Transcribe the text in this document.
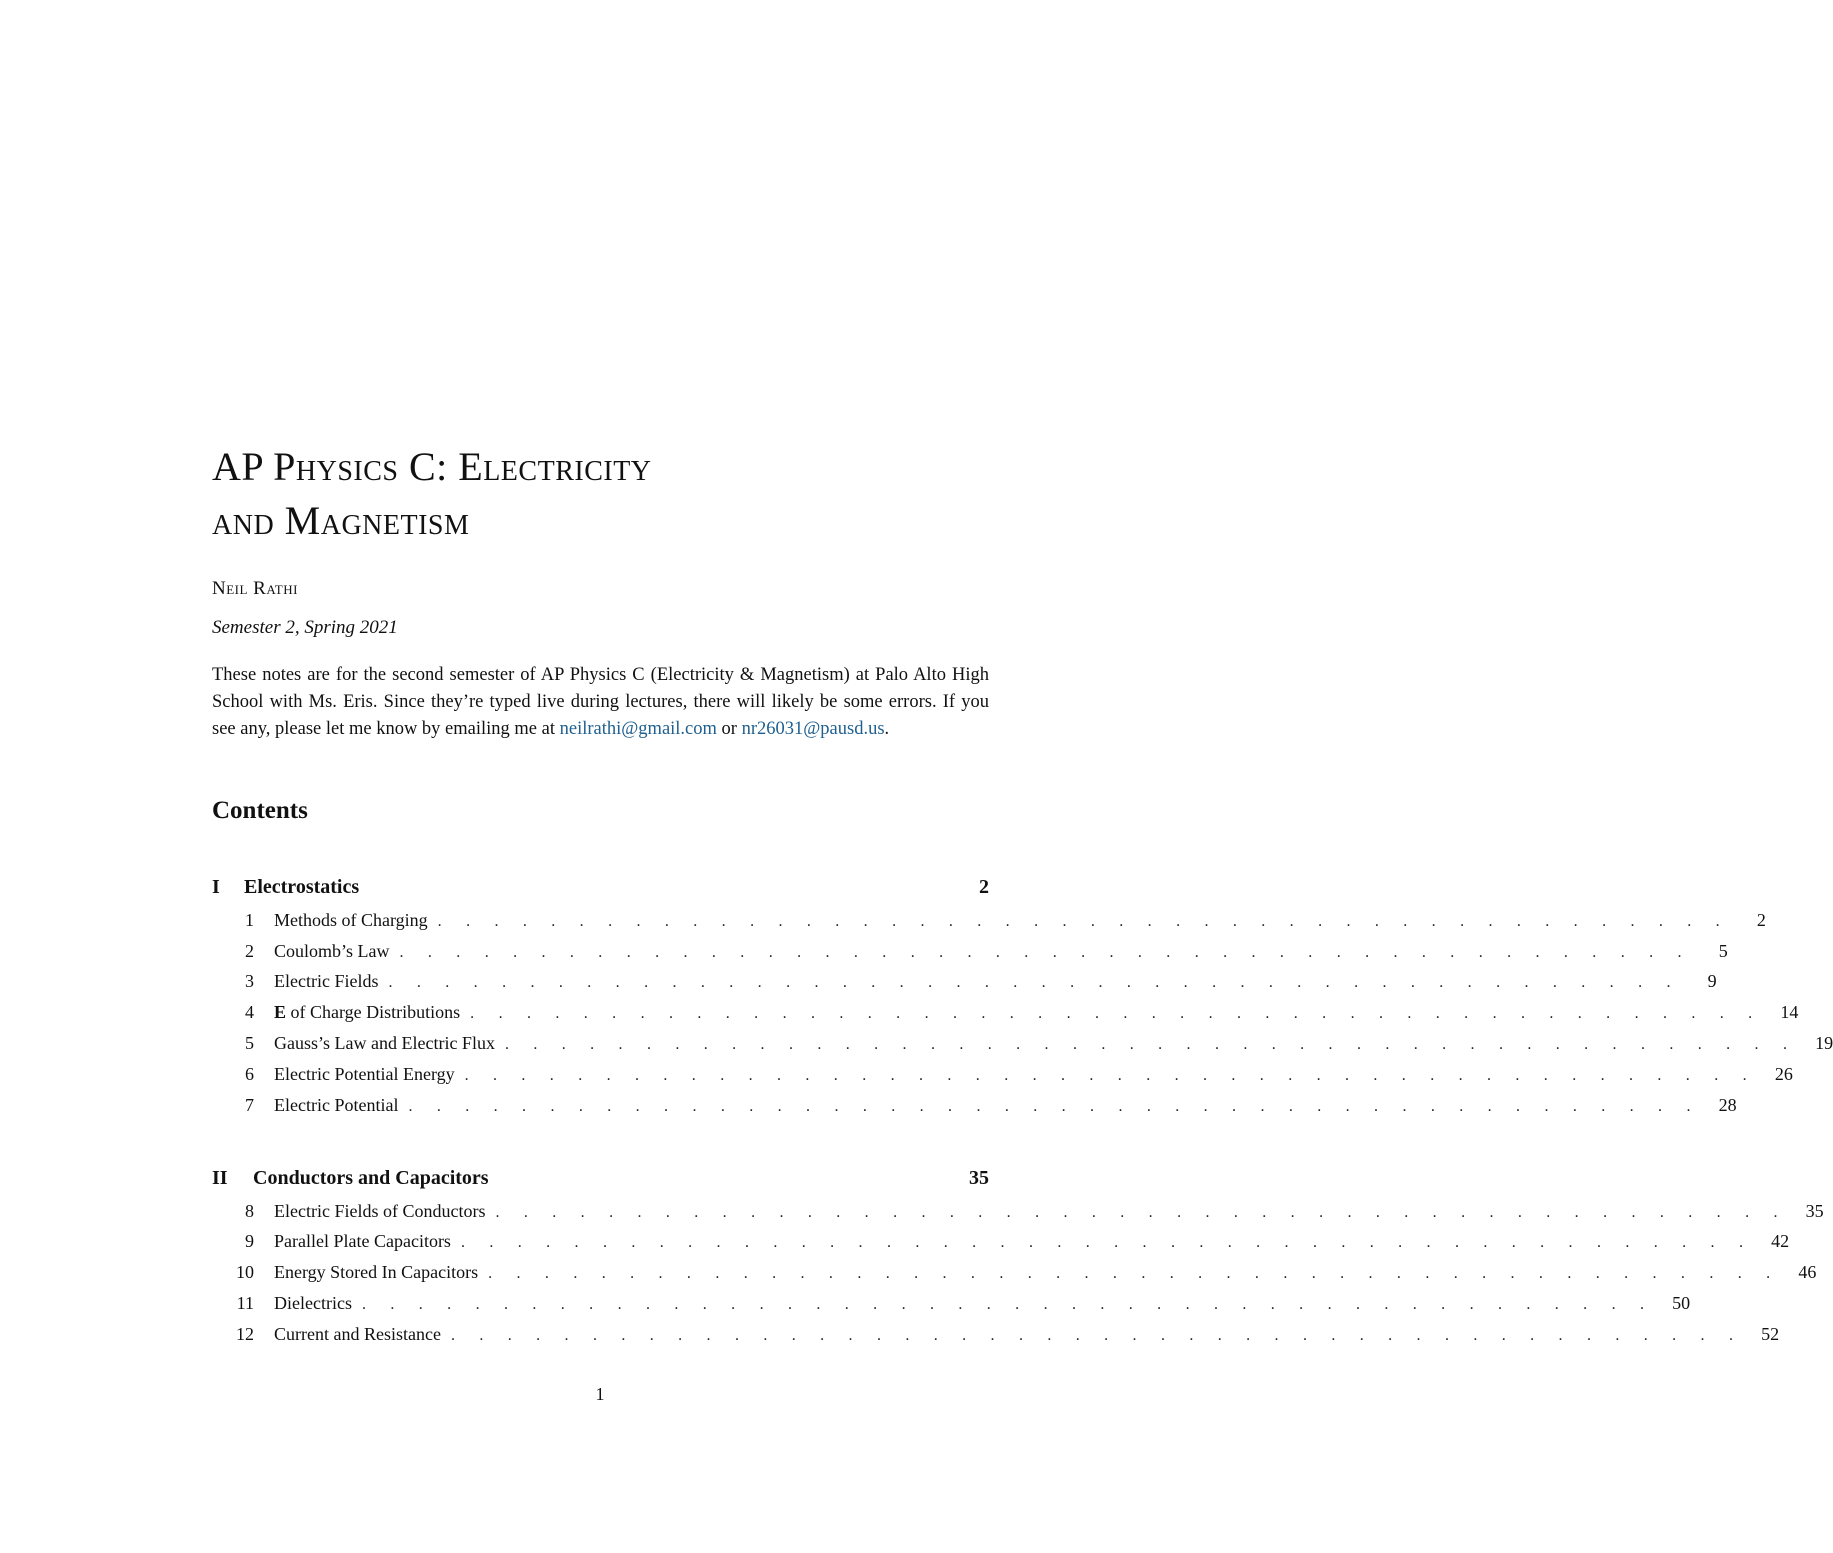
AP Physics C: Electricity
and Magnetism
Neil Rathi
Semester 2, Spring 2021

These notes are for the second semester of AP Physics C (Electricity & Magnetism) at Palo Alto High School with Ms. Eris. Since they’re typed live during lectures, there will likely be some errors. If you see any, please let me know by emailing me at neilrathi@gmail.com or nr26031@pausd.us.

Contents
I Electrostatics	2
1	Methods of Charging . . . . . . . . . . . . . . . . . . . . . . . . . . . . . . . . . . . . . . . . . . . . . .	2
2	Coulomb’s Law . . . . . . . . . . . . . . . . . . . . . . . . . . . . . . . . . . . . . . . . . . . . . .	5
3	Electric Fields . . . . . . . . . . . . . . . . . . . . . . . . . . . . . . . . . . . . . . . . . . . . . .	9
4	E of Charge Distributions . . . . . . . . . . . . . . . . . . . . . . . . . . . . . . . . . . . . . . . . . . . . . .	14
5	Gauss’s Law and Electric Flux . . . . . . . . . . . . . . . . . . . . . . . . . . . . . . . . . . . . . . . . . . . . . .	19
6	Electric Potential Energy . . . . . . . . . . . . . . . . . . . . . . . . . . . . . . . . . . . . . . . . . . . . . .	26
7	Electric Potential . . . . . . . . . . . . . . . . . . . . . . . . . . . . . . . . . . . . . . . . . . . . . .	28
II Conductors and Capacitors	35
8	Electric Fields of Conductors . . . . . . . . . . . . . . . . . . . . . . . . . . . . . . . . . . . . . . . . . . . . . .	35
9	Parallel Plate Capacitors . . . . . . . . . . . . . . . . . . . . . . . . . . . . . . . . . . . . . . . . . . . . . .	42
10	Energy Stored In Capacitors . . . . . . . . . . . . . . . . . . . . . . . . . . . . . . . . . . . . . . . . . . . . . .	46
11	Dielectrics . . . . . . . . . . . . . . . . . . . . . . . . . . . . . . . . . . . . . . . . . . . . . .	50
12	Current and Resistance . . . . . . . . . . . . . . . . . . . . . . . . . . . . . . . . . . . . . . . . . . . . . .	52
1
